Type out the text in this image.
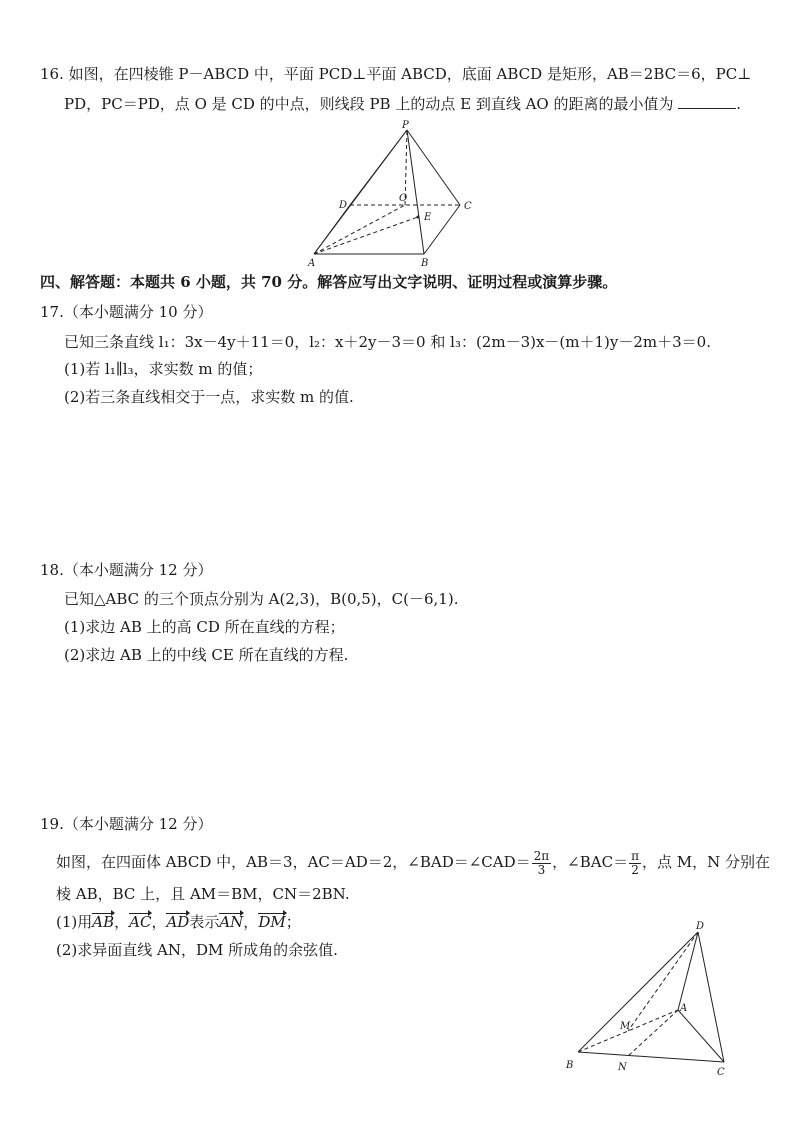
16. 如图，在四棱锥 P－ABCD 中，平面 PCD⊥平面 ABCD，底面 ABCD 是矩形，AB＝2BC＝6，PC⊥
PD，PC＝PD，点 O 是 CD 的中点，则线段 PB 上的动点 E 到直线 AO 的距离的最小值为	.
P
D
O
C
E
A	B
四、解答题：本题共 6 小题，共 70 分。解答应写出文字说明、证明过程或演算步骤。
17.（本小题满分 10 分）
已知三条直线 l₁：3x－4y＋11＝0，l₂：x＋2y－3＝0 和 l₃：(2m－3)x－(m＋1)y－2m＋3＝0.
(1)若 l₁∥l₃，求实数 m 的值；
(2)若三条直线相交于一点，求实数 m 的值.
18.（本小题满分 12 分）
已知△ABC 的三个顶点分别为 A(2,3)，B(0,5)，C(－6,1).
(1)求边 AB 上的高 CD 所在直线的方程；
(2)求边 AB 上的中线 CE 所在直线的方程.
19.（本小题满分 12 分）
如图，在四面体 ABCD 中，AB＝3，AC＝AD＝2，∠BAD＝∠CAD＝ $\frac{2\pi}{3}$ ，∠BAC＝ $\frac{\pi}{2}$ ，点 M，N 分别在
棱 AB，BC 上，且 AM＝BM，CN＝2BN.
(1)用AB，AC，AD表示AN，DM；
(2)求异面直线 AN，DM 所成角的余弦值.
D
A
M
B	N	C
